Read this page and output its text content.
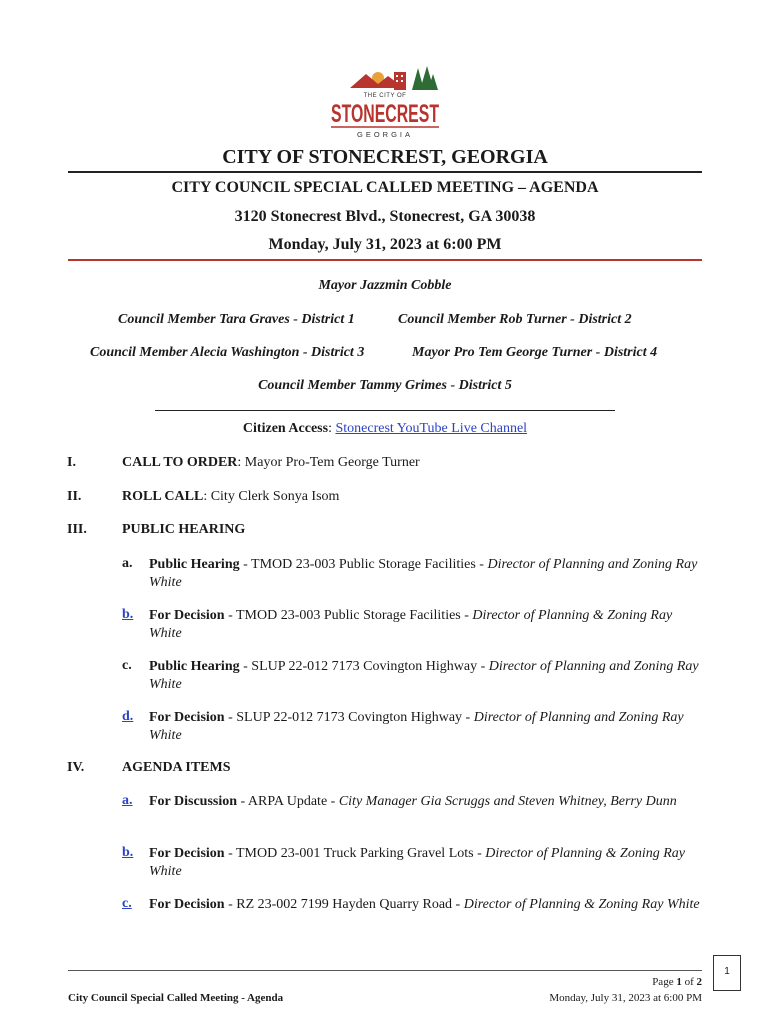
THE CITY OF
STONECREST
GEORGIA
CITY OF STONECREST, GEORGIA
CITY COUNCIL SPECIAL CALLED MEETING – AGENDA
3120 Stonecrest Blvd., Stonecrest, GA 30038
Monday, July 31, 2023 at 6:00 PM
Mayor Jazzmin Cobble
Council Member Tara Graves - District 1	Council Member Rob Turner - District 2
Council Member Alecia Washington - District 3	Mayor Pro Tem George Turner - District 4
Council Member Tammy Grimes - District 5
Citizen Access: Stonecrest YouTube Live Channel
I.	CALL TO ORDER: Mayor Pro-Tem George Turner
II.	ROLL CALL: City Clerk Sonya Isom
III.	PUBLIC HEARING
a. Public Hearing - TMOD 23-003 Public Storage Facilities - Director of Planning and Zoning Ray White
b. For Decision - TMOD 23-003 Public Storage Facilities - Director of Planning & Zoning Ray White
c. Public Hearing - SLUP 22-012 7173 Covington Highway - Director of Planning and Zoning Ray White
d. For Decision - SLUP 22-012 7173 Covington Highway - Director of Planning and Zoning Ray White
IV.	AGENDA ITEMS
a. For Discussion - ARPA Update - City Manager Gia Scruggs and Steven Whitney, Berry Dunn
b. For Decision - TMOD 23-001 Truck Parking Gravel Lots - Director of Planning & Zoning Ray White
c. For Decision - RZ 23-002 7199 Hayden Quarry Road - Director of Planning & Zoning Ray White
Page 1 of 2
City Council Special Called Meeting - Agenda	Monday, July 31, 2023 at 6:00 PM
1
